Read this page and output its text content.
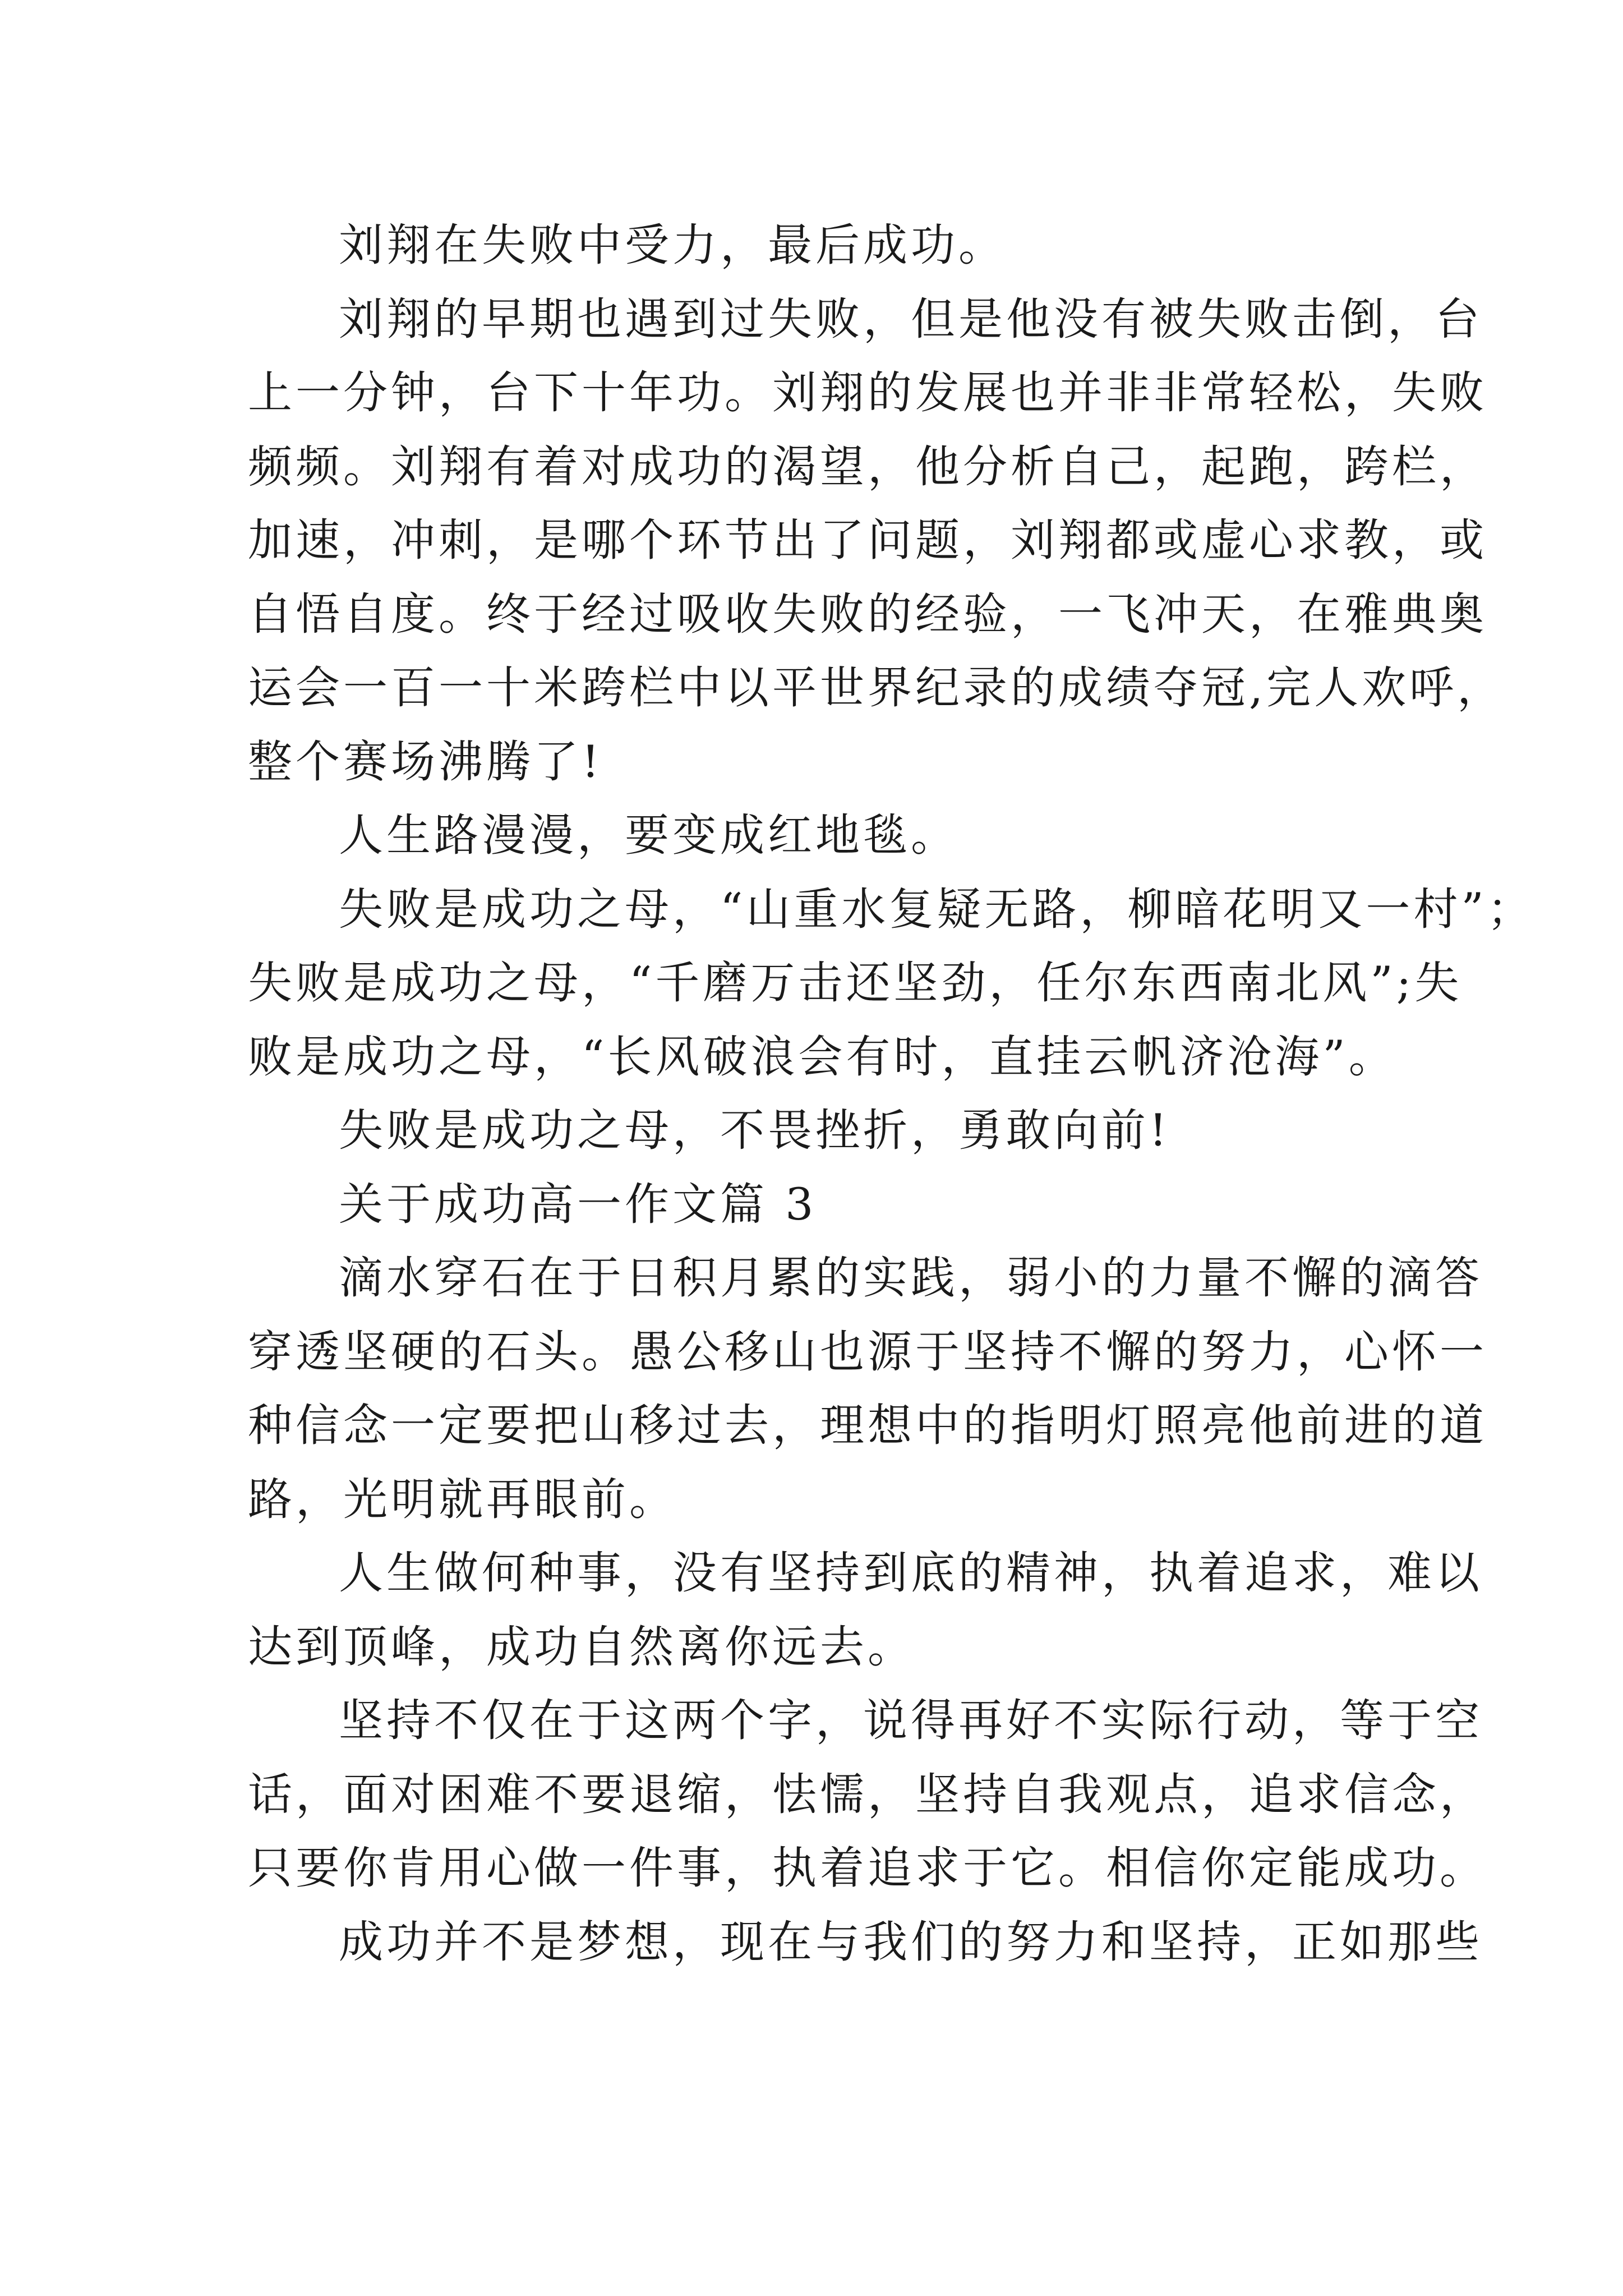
刘翔在失败中受力，最后成功。
刘翔的早期也遇到过失败，但是他没有被失败击倒，台
上一分钟，台下十年功。刘翔的发展也并非非常轻松，失败
频频。刘翔有着对成功的渴望，他分析自己，起跑，跨栏，
加速，冲刺，是哪个环节出了问题，刘翔都或虚心求教，或
自悟自度。终于经过吸收失败的经验，一飞冲天，在雅典奥
运会一百一十米跨栏中以平世界纪录的成绩夺冠,完人欢呼，
整个赛场沸腾了!
人生路漫漫，要变成红地毯。
失败是成功之母，“山重水复疑无路，柳暗花明又一村”；
失败是成功之母，“千磨万击还坚劲，任尔东西南北风”;失
败是成功之母，“长风破浪会有时，直挂云帆济沧海”。
失败是成功之母，不畏挫折，勇敢向前!
关于成功高一作文篇 3
滴水穿石在于日积月累的实践，弱小的力量不懈的滴答
穿透坚硬的石头。愚公移山也源于坚持不懈的努力，心怀一
种信念一定要把山移过去，理想中的指明灯照亮他前进的道
路，光明就再眼前。
人生做何种事，没有坚持到底的精神，执着追求，难以
达到顶峰，成功自然离你远去。
坚持不仅在于这两个字，说得再好不实际行动，等于空
话，面对困难不要退缩，怯懦，坚持自我观点，追求信念，
只要你肯用心做一件事，执着追求于它。相信你定能成功。
成功并不是梦想，现在与我们的努力和坚持，正如那些
